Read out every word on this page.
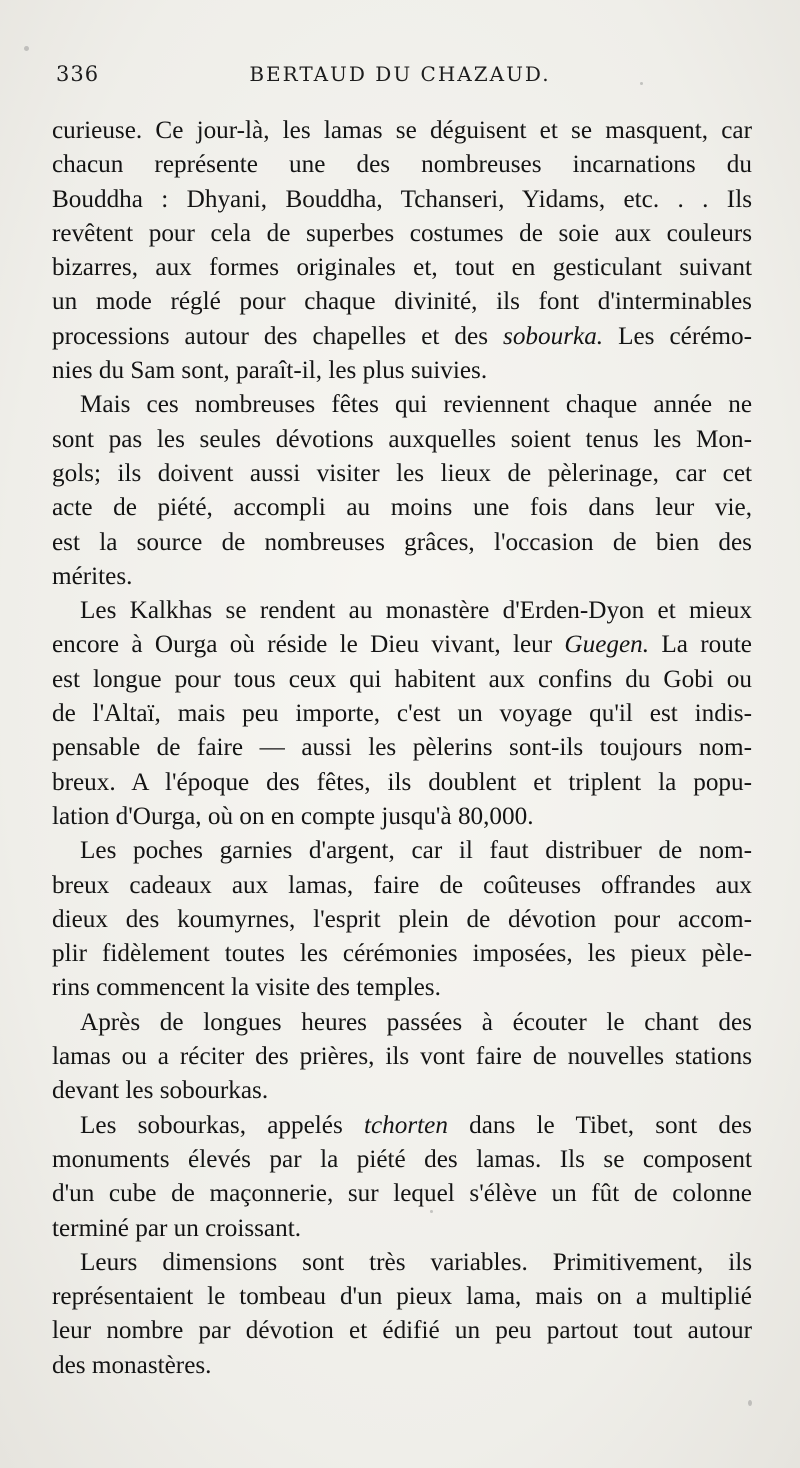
336	BERTAUD DU CHAZAUD.

curieuse. Ce jour-là, les lamas se déguisent et se masquent, car
chacun représente une des nombreuses incarnations du
Bouddha : Dhyani, Bouddha, Tchanseri, Yidams, etc. . . Ils
revêtent pour cela de superbes costumes de soie aux couleurs
bizarres, aux formes originales et, tout en gesticulant suivant
un mode réglé pour chaque divinité, ils font d'interminables
processions autour des chapelles et des sobourka. Les cérémo-
nies du Sam sont, paraît-il, les plus suivies.

Mais ces nombreuses fêtes qui reviennent chaque année ne
sont pas les seules dévotions auxquelles soient tenus les Mon-
gols; ils doivent aussi visiter les lieux de pèlerinage, car cet
acte de piété, accompli au moins une fois dans leur vie,
est la source de nombreuses grâces, l'occasion de bien des
mérites.

Les Kalkhas se rendent au monastère d'Erden-Dyon et mieux
encore à Ourga où réside le Dieu vivant, leur Guegen. La route
est longue pour tous ceux qui habitent aux confins du Gobi ou
de l'Altaï, mais peu importe, c'est un voyage qu'il est indis-
pensable de faire — aussi les pèlerins sont-ils toujours nom-
breux. A l'époque des fêtes, ils doublent et triplent la popu-
lation d'Ourga, où on en compte jusqu'à 80,000.

Les poches garnies d'argent, car il faut distribuer de nom-
breux cadeaux aux lamas, faire de coûteuses offrandes aux
dieux des koumyrnes, l'esprit plein de dévotion pour accom-
plir fidèlement toutes les cérémonies imposées, les pieux pèle-
rins commencent la visite des temples.

Après de longues heures passées à écouter le chant des
lamas ou a réciter des prières, ils vont faire de nouvelles stations
devant les sobourkas.

Les sobourkas, appelés tchorten dans le Tibet, sont des
monuments élevés par la piété des lamas. Ils se composent
d'un cube de maçonnerie, sur lequel s'élève un fût de colonne
terminé par un croissant.

Leurs dimensions sont très variables. Primitivement, ils
représentaient le tombeau d'un pieux lama, mais on a multiplié
leur nombre par dévotion et édifié un peu partout tout autour
des monastères.
